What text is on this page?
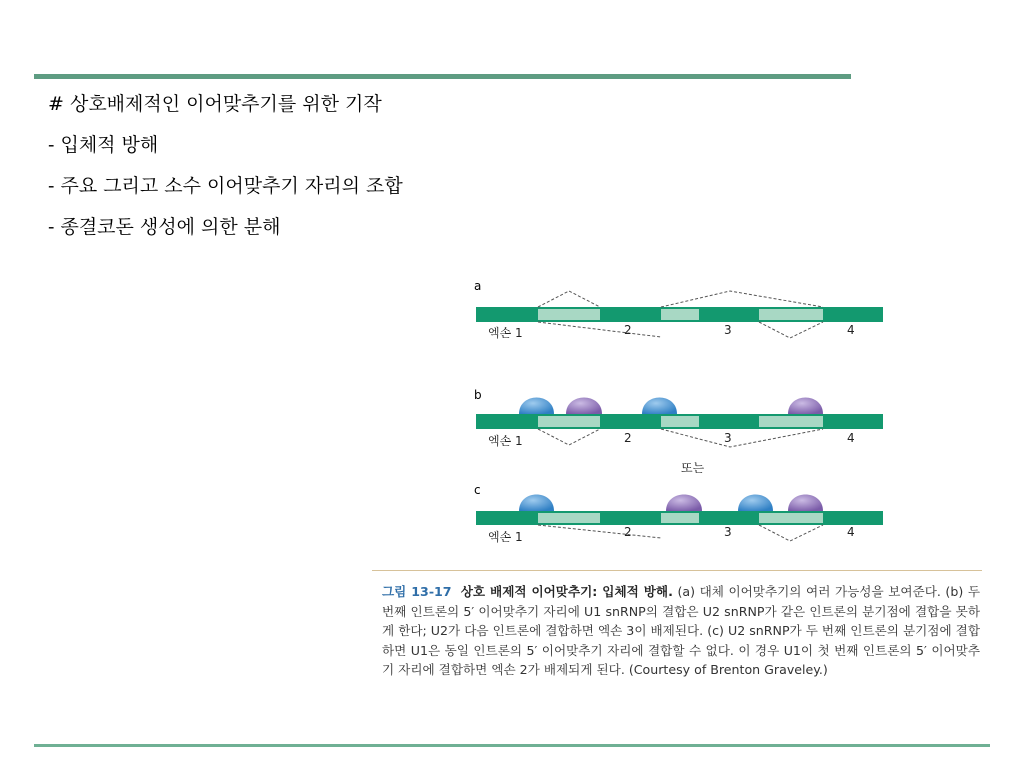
# 상호배제적인 이어맞추기를 위한 기작
- 입체적 방해
- 주요 그리고 소수 이어맞추기 자리의 조합
- 종결코돈 생성에 의한 분해
a
엑손 1	2	3	4
b
엑손 1	2	3	4
또는
c
엑손 1	2	3	4

그림 13-17 상호 배제적 이어맞추기: 입체적 방해. (a) 대체 이어맞추기의 여러 가능성을 보여준다. (b) 두 번째 인트론의 5′ 이어맞추기 자리에 U1 snRNP의 결합은 U2 snRNP가 같은 인트론의 분기점에 결합을 못하게 한다; U2가 다음 인트론에 결합하면 엑손 3이 배제된다. (c) U2 snRNP가 두 번째 인트론의 분기점에 결합하면 U1은 동일 인트론의 5′ 이어맞추기 자리에 결합할 수 없다. 이 경우 U1이 첫 번째 인트론의 5′ 이어맞추기 자리에 결합하면 엑손 2가 배제되게 된다. (Courtesy of Brenton Graveley.)
